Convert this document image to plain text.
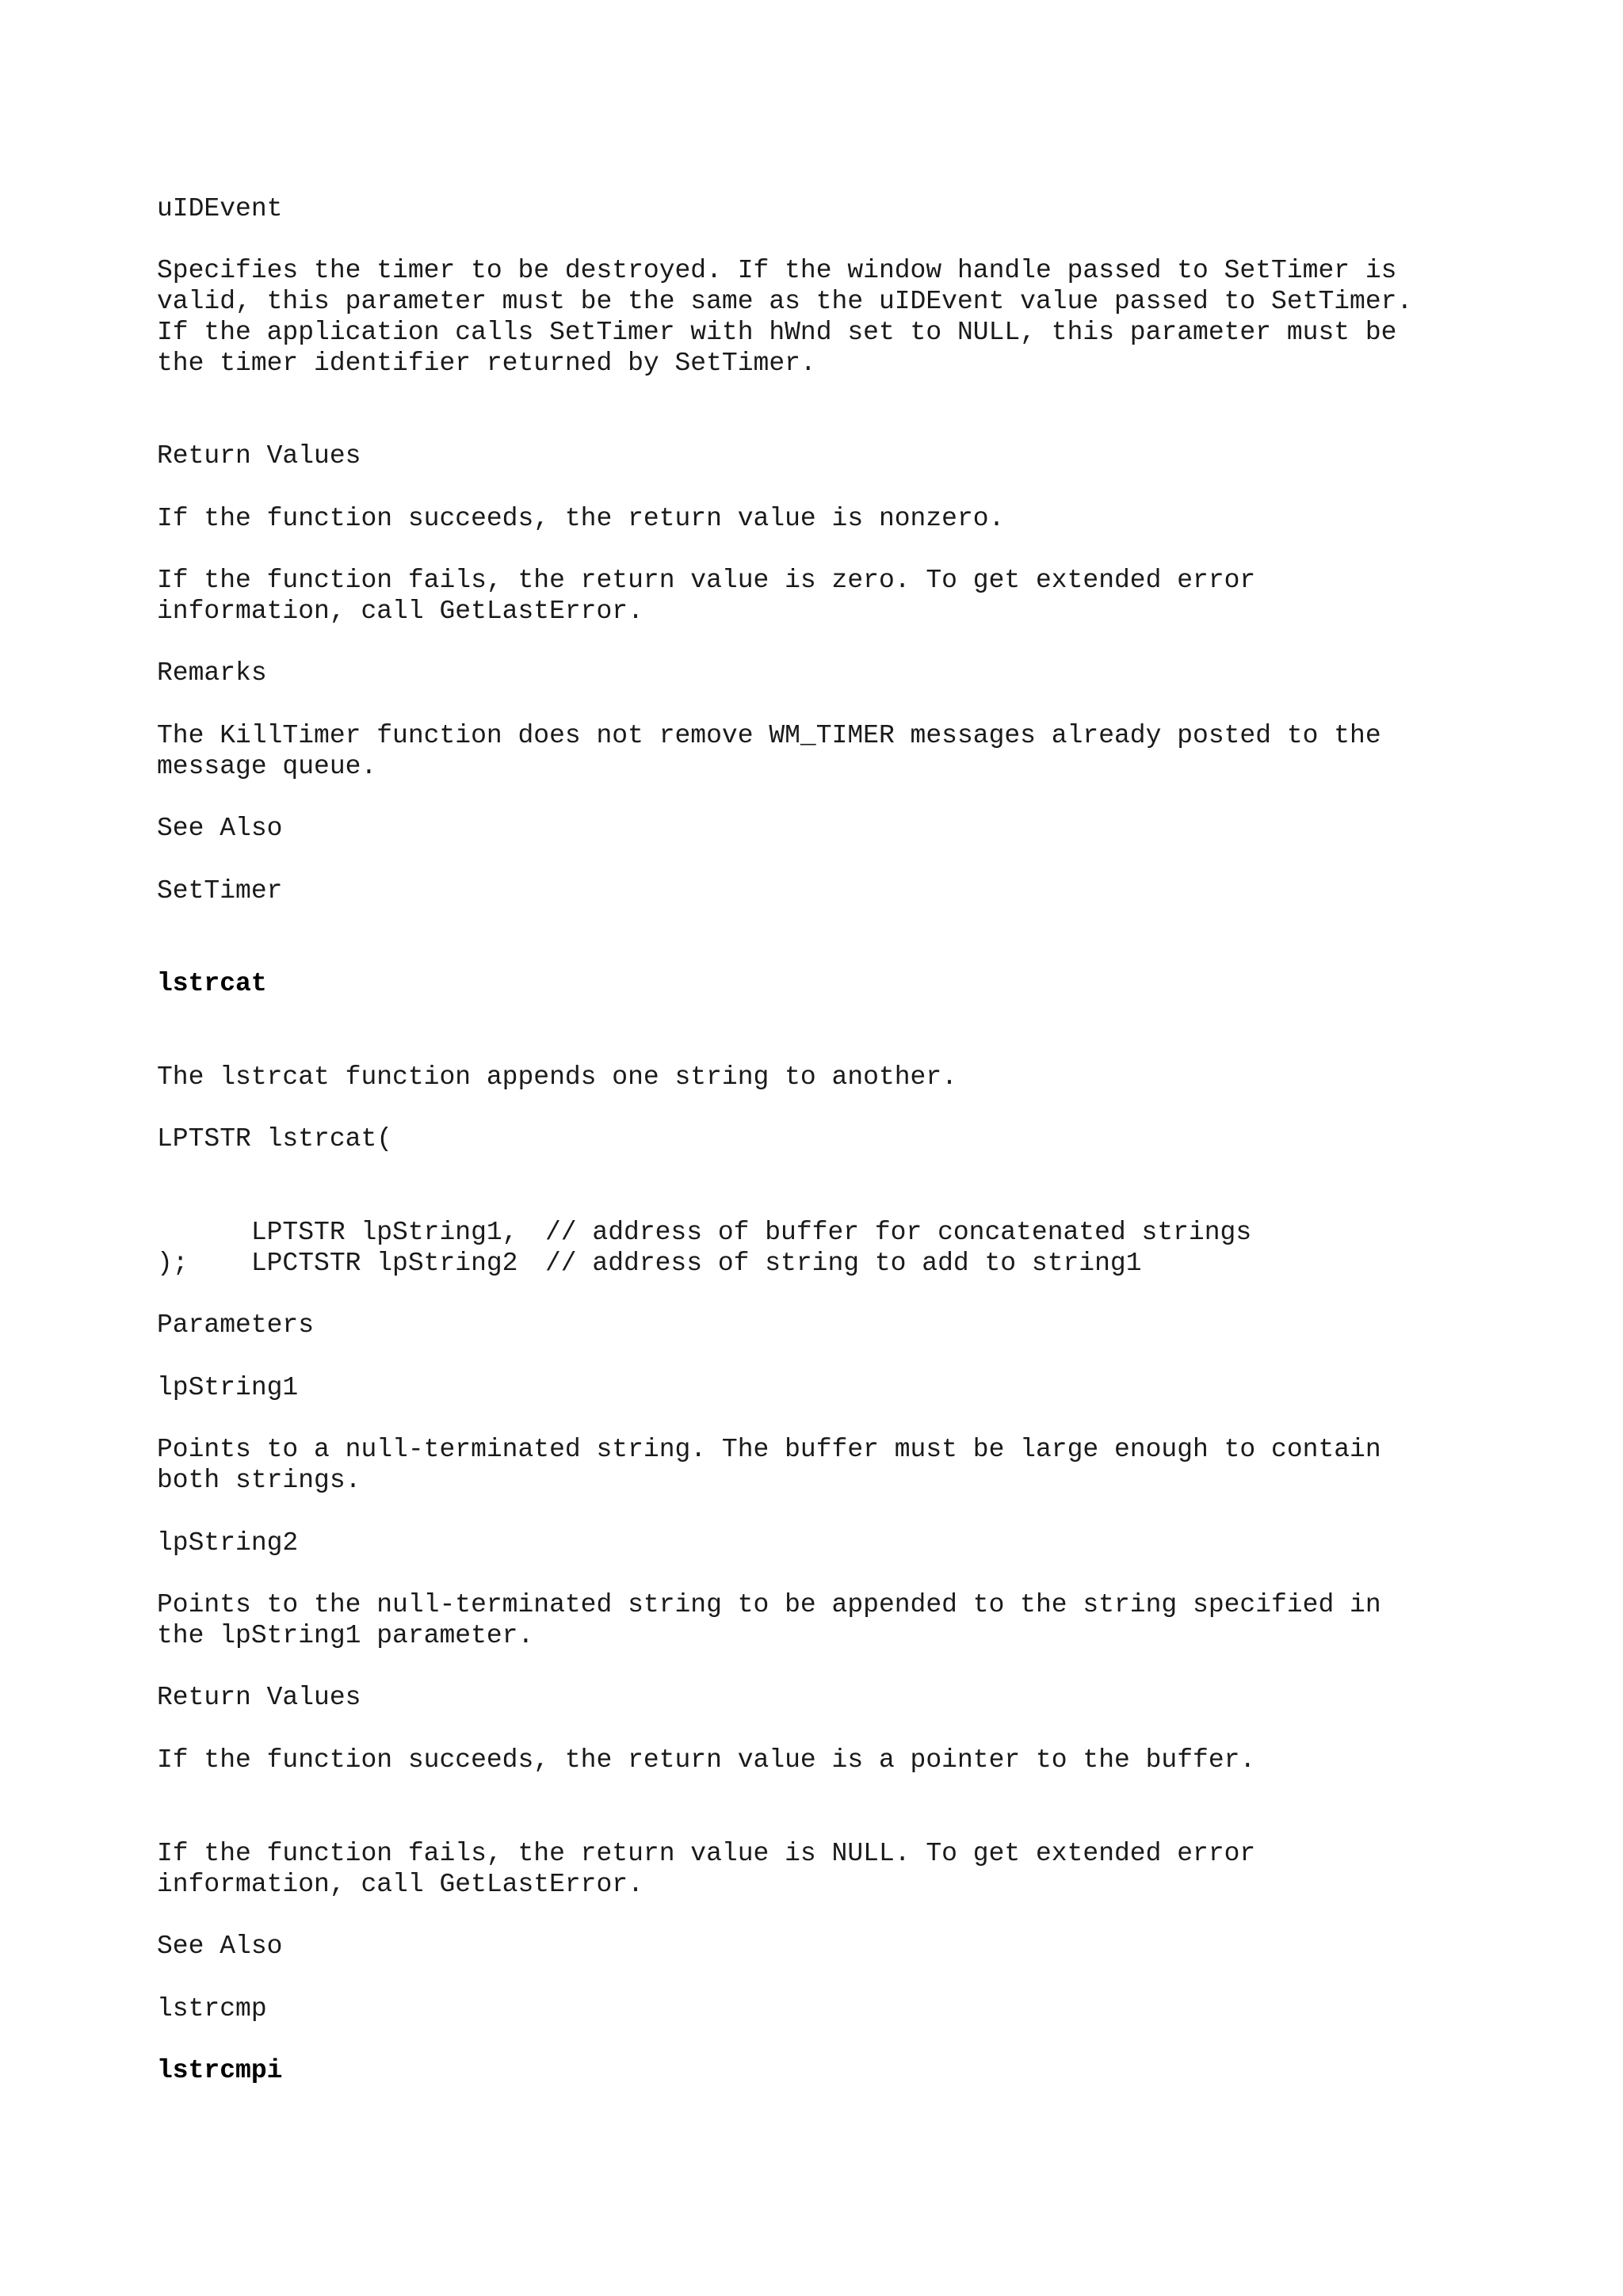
uIDEvent
Specifies the timer to be destroyed. If the window handle passed to SetTimer is
valid, this parameter must be the same as the uIDEvent value passed to SetTimer.
If the application calls SetTimer with hWnd set to NULL, this parameter must be
the timer identifier returned by SetTimer.
Return Values
If the function succeeds, the return value is nonzero.
If the function fails, the return value is zero. To get extended error
information, call GetLastError.
Remarks
The KillTimer function does not remove WM_TIMER messages already posted to the
message queue.
See Also
SetTimer
lstrcat
The lstrcat function appends one string to another.
LPTSTR lstrcat(

LPTSTR lpString1, // address of buffer for concatenated strings

LPCTSTR lpString2 // address of string to add to string1

);
Parameters
lpString1
Points to a null-terminated string. The buffer must be large enough to contain
both strings.
lpString2
Points to the null-terminated string to be appended to the string specified in
the lpString1 parameter.
Return Values
If the function succeeds, the return value is a pointer to the buffer.
If the function fails, the return value is NULL. To get extended error
information, call GetLastError.
See Also
lstrcmp
lstrcmpi
